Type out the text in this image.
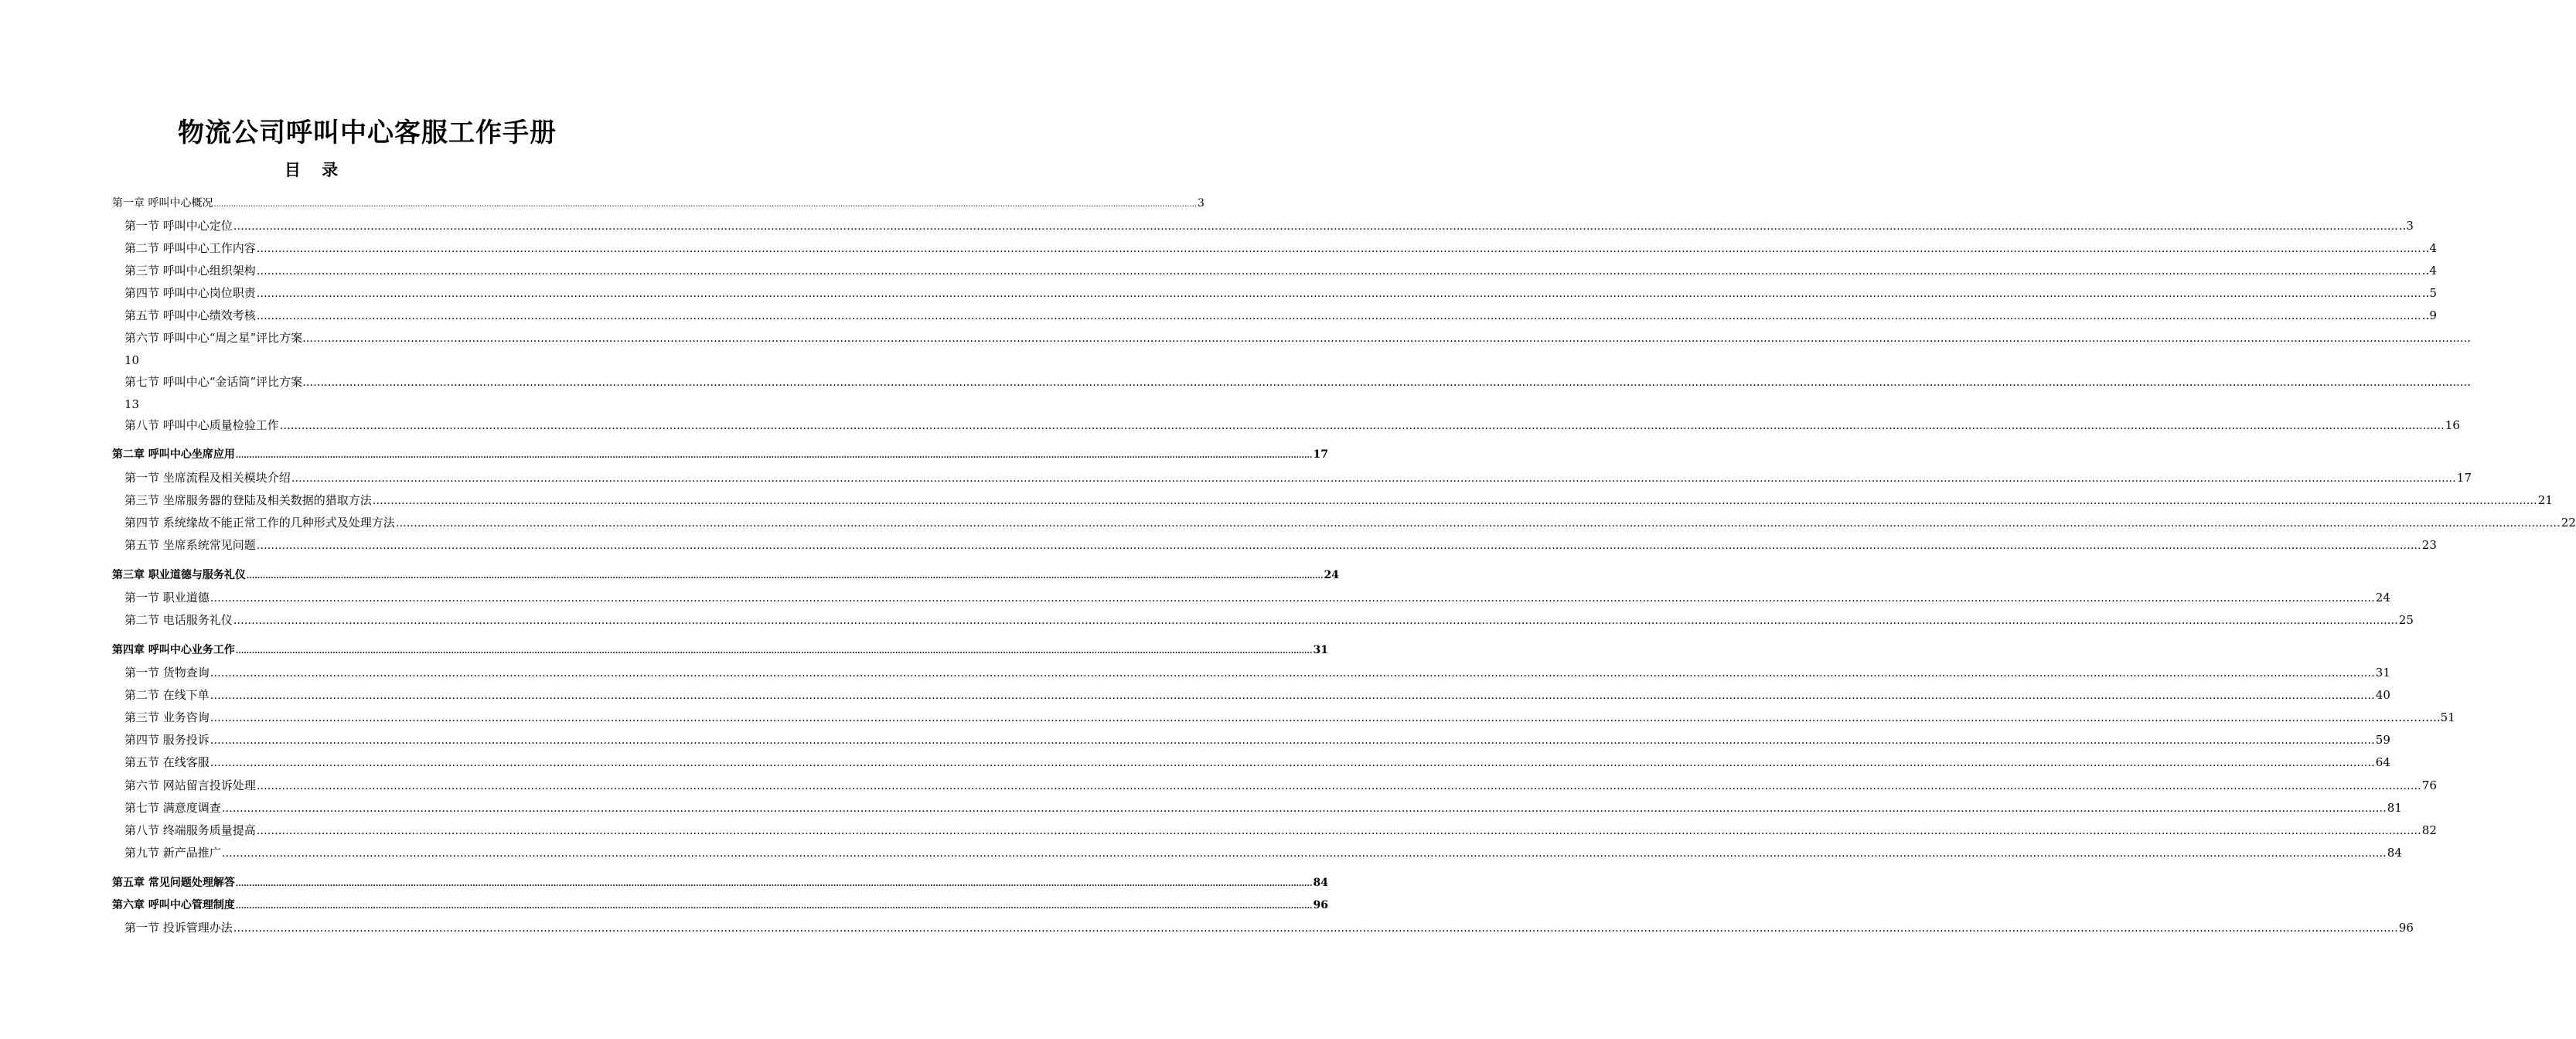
物流公司呼叫中心客服工作手册
目 录
第一章 呼叫中心概况 ................................................................................................................................................................................................................................................................................................................................................................................................................ 3
第一节 呼叫中心定位 …………………………………………………………………………………………………………………………………………………………………………………………………………………………………………………………………………………………………………………………………………………………………………………………………………………………………………………………………………………………………………………………………………………… ..3
第二节 呼叫中心工作内容 …………………………………………………………………………………………………………………………………………………………………………………………………………………………………………………………………………………………………………………………………………………………………………………………………………………………………………………………………………………………………………………………………………………… ..4
第三节 呼叫中心组织架构 …………………………………………………………………………………………………………………………………………………………………………………………………………………………………………………………………………………………………………………………………………………………………………………………………………………………………………………………………………………………………………………………………………………… ..4
第四节 呼叫中心岗位职责 …………………………………………………………………………………………………………………………………………………………………………………………………………………………………………………………………………………………………………………………………………………………………………………………………………………………………………………………………………………………………………………………………………………… ..5
第五节 呼叫中心绩效考核 …………………………………………………………………………………………………………………………………………………………………………………………………………………………………………………………………………………………………………………………………………………………………………………………………………………………………………………………………………………………………………………………………………………… ..9
第六节 呼叫中心“周之星”评比方案 …………………………………………………………………………………………………………………………………………………………………………………………………………………………………………………………………………………………………………………………………………………………………………………………………………………………………………………………………………………………………………………………………………………… .
10
第七节 呼叫中心“金话筒”评比方案 …………………………………………………………………………………………………………………………………………………………………………………………………………………………………………………………………………………………………………………………………………………………………………………………………………………………………………………………………………………………………………………………………………………… .
13
第八节 呼叫中心质量检验工作 …………………………………………………………………………………………………………………………………………………………………………………………………………………………………………………………………………………………………………………………………………………………………………………………………………………………………………………………………………………………………………………………………………………… 16
第二章 呼叫中心坐席应用 ................................................................................................................................................................................................................................................................................................................................................................................................................ 17
第一节 坐席流程及相关模块介绍 …………………………………………………………………………………………………………………………………………………………………………………………………………………………………………………………………………………………………………………………………………………………………………………………………………………………………………………………………………………………………………………………………………………… 17
第三节 坐席服务器的登陆及相关数据的猎取方法 …………………………………………………………………………………………………………………………………………………………………………………………………………………………………………………………………………………………………………………………………………………………………………………………………………………………………………………………………………………………………………………………………………………… 21
第四节 系统缘故不能正常工作的几种形式及处理方法 …………………………………………………………………………………………………………………………………………………………………………………………………………………………………………………………………………………………………………………………………………………………………………………………………………………………………………………………………………………………………………………………………………………… 22
第五节 坐席系统常见问题 …………………………………………………………………………………………………………………………………………………………………………………………………………………………………………………………………………………………………………………………………………………………………………………………………………………………………………………………………………………………………………………………………………………… 23
第三章 职业道德与服务礼仪 ................................................................................................................................................................................................................................................................................................................................................................................................................ 24
第一节 职业道德 …………………………………………………………………………………………………………………………………………………………………………………………………………………………………………………………………………………………………………………………………………………………………………………………………………………………………………………………………………………………………………………………………………………… 24
第二节 电话服务礼仪 …………………………………………………………………………………………………………………………………………………………………………………………………………………………………………………………………………………………………………………………………………………………………………………………………………………………………………………………………………………………………………………………………………………… 25
第四章 呼叫中心业务工作 ................................................................................................................................................................................................................................................................................................................................................................................................................ 31
第一节 货物查询 …………………………………………………………………………………………………………………………………………………………………………………………………………………………………………………………………………………………………………………………………………………………………………………………………………………………………………………………………………………………………………………………………………………… 31
第二节 在线下单 …………………………………………………………………………………………………………………………………………………………………………………………………………………………………………………………………………………………………………………………………………………………………………………………………………………………………………………………………………………………………………………………………………………… 40
第三节 业务咨询 …………………………………………………………………………………………………………………………………………………………………………………………………………………………………………………………………………………………………………………………………………………………………………………………………………………………………………………………………………………………………………………………………………………… ...…………..51
第四节 服务投诉 …………………………………………………………………………………………………………………………………………………………………………………………………………………………………………………………………………………………………………………………………………………………………………………………………………………………………………………………………………………………………………………………………………………… 59
第五节 在线客服 …………………………………………………………………………………………………………………………………………………………………………………………………………………………………………………………………………………………………………………………………………………………………………………………………………………………………………………………………………………………………………………………………………………… 64
第六节 网站留言投诉处理 …………………………………………………………………………………………………………………………………………………………………………………………………………………………………………………………………………………………………………………………………………………………………………………………………………………………………………………………………………………………………………………………………………………… 76
第七节 满意度调查 …………………………………………………………………………………………………………………………………………………………………………………………………………………………………………………………………………………………………………………………………………………………………………………………………………………………………………………………………………………………………………………………………………………… 81
第八节 终端服务质量提高 …………………………………………………………………………………………………………………………………………………………………………………………………………………………………………………………………………………………………………………………………………………………………………………………………………………………………………………………………………………………………………………………………………………… 82
第九节 新产品推广 …………………………………………………………………………………………………………………………………………………………………………………………………………………………………………………………………………………………………………………………………………………………………………………………………………………………………………………………………………………………………………………………………………………… 84
第五章 常见问题处理解答 ................................................................................................................................................................................................................................................................................................................................................................................................................ 84
第六章 呼叫中心管理制度 ................................................................................................................................................................................................................................................................................................................................................................................................................ 96
第一节 投诉管理办法 …………………………………………………………………………………………………………………………………………………………………………………………………………………………………………………………………………………………………………………………………………………………………………………………………………………………………………………………………………………………………………………………………………………… 96
